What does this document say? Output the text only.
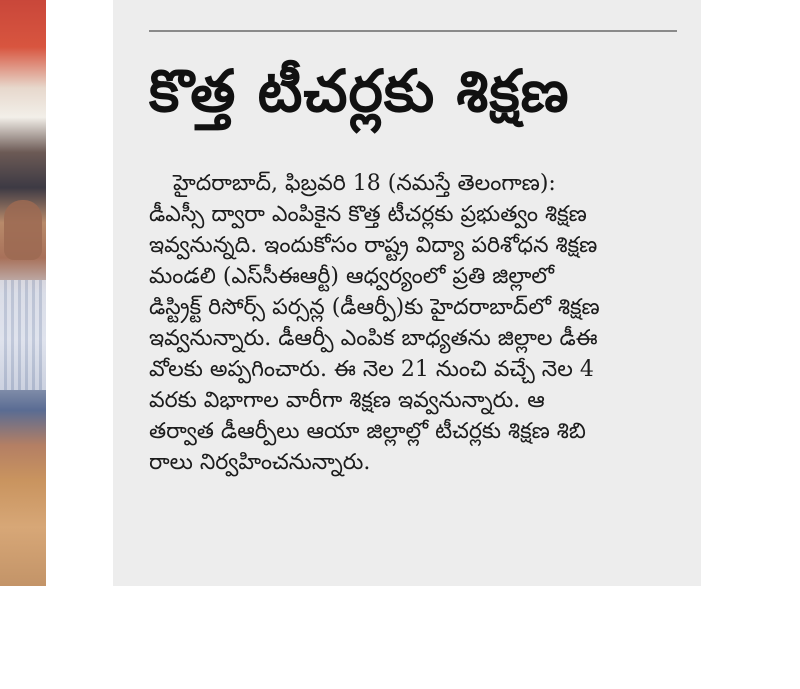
కొత్త టీచర్లకు శిక్షణ
హైదరాబాద్, ఫిబ్రవరి 18 (నమస్తే తెలంగాణ):
డీఎస్సీ ద్వారా ఎంపికైన కొత్త టీచర్లకు ప్రభుత్వం శిక్షణ
ఇవ్వనున్నది. ఇందుకోసం రాష్ట్ర విద్యా పరిశోధన శిక్షణ
మండలి (ఎస్‌సీఈఆర్టీ) ఆధ్వర్యంలో ప్రతి జిల్లాలో
డిస్ట్రిక్ట్ రిసోర్స్ పర్సన్ల (డీఆర్పీ)కు హైదరాబాద్‌లో శిక్షణ
ఇవ్వనున్నారు. డీఆర్పీ ఎంపిక బాధ్యతను జిల్లాల డీఈ
వోలకు అప్పగించారు. ఈ నెల 21 నుంచి వచ్చే నెల 4
వరకు విభాగాల వారీగా శిక్షణ ఇవ్వనున్నారు. ఆ
తర్వాత డీఆర్పీలు ఆయా జిల్లాల్లో టీచర్లకు శిక్షణ శిబి
రాలు నిర్వహించనున్నారు.
